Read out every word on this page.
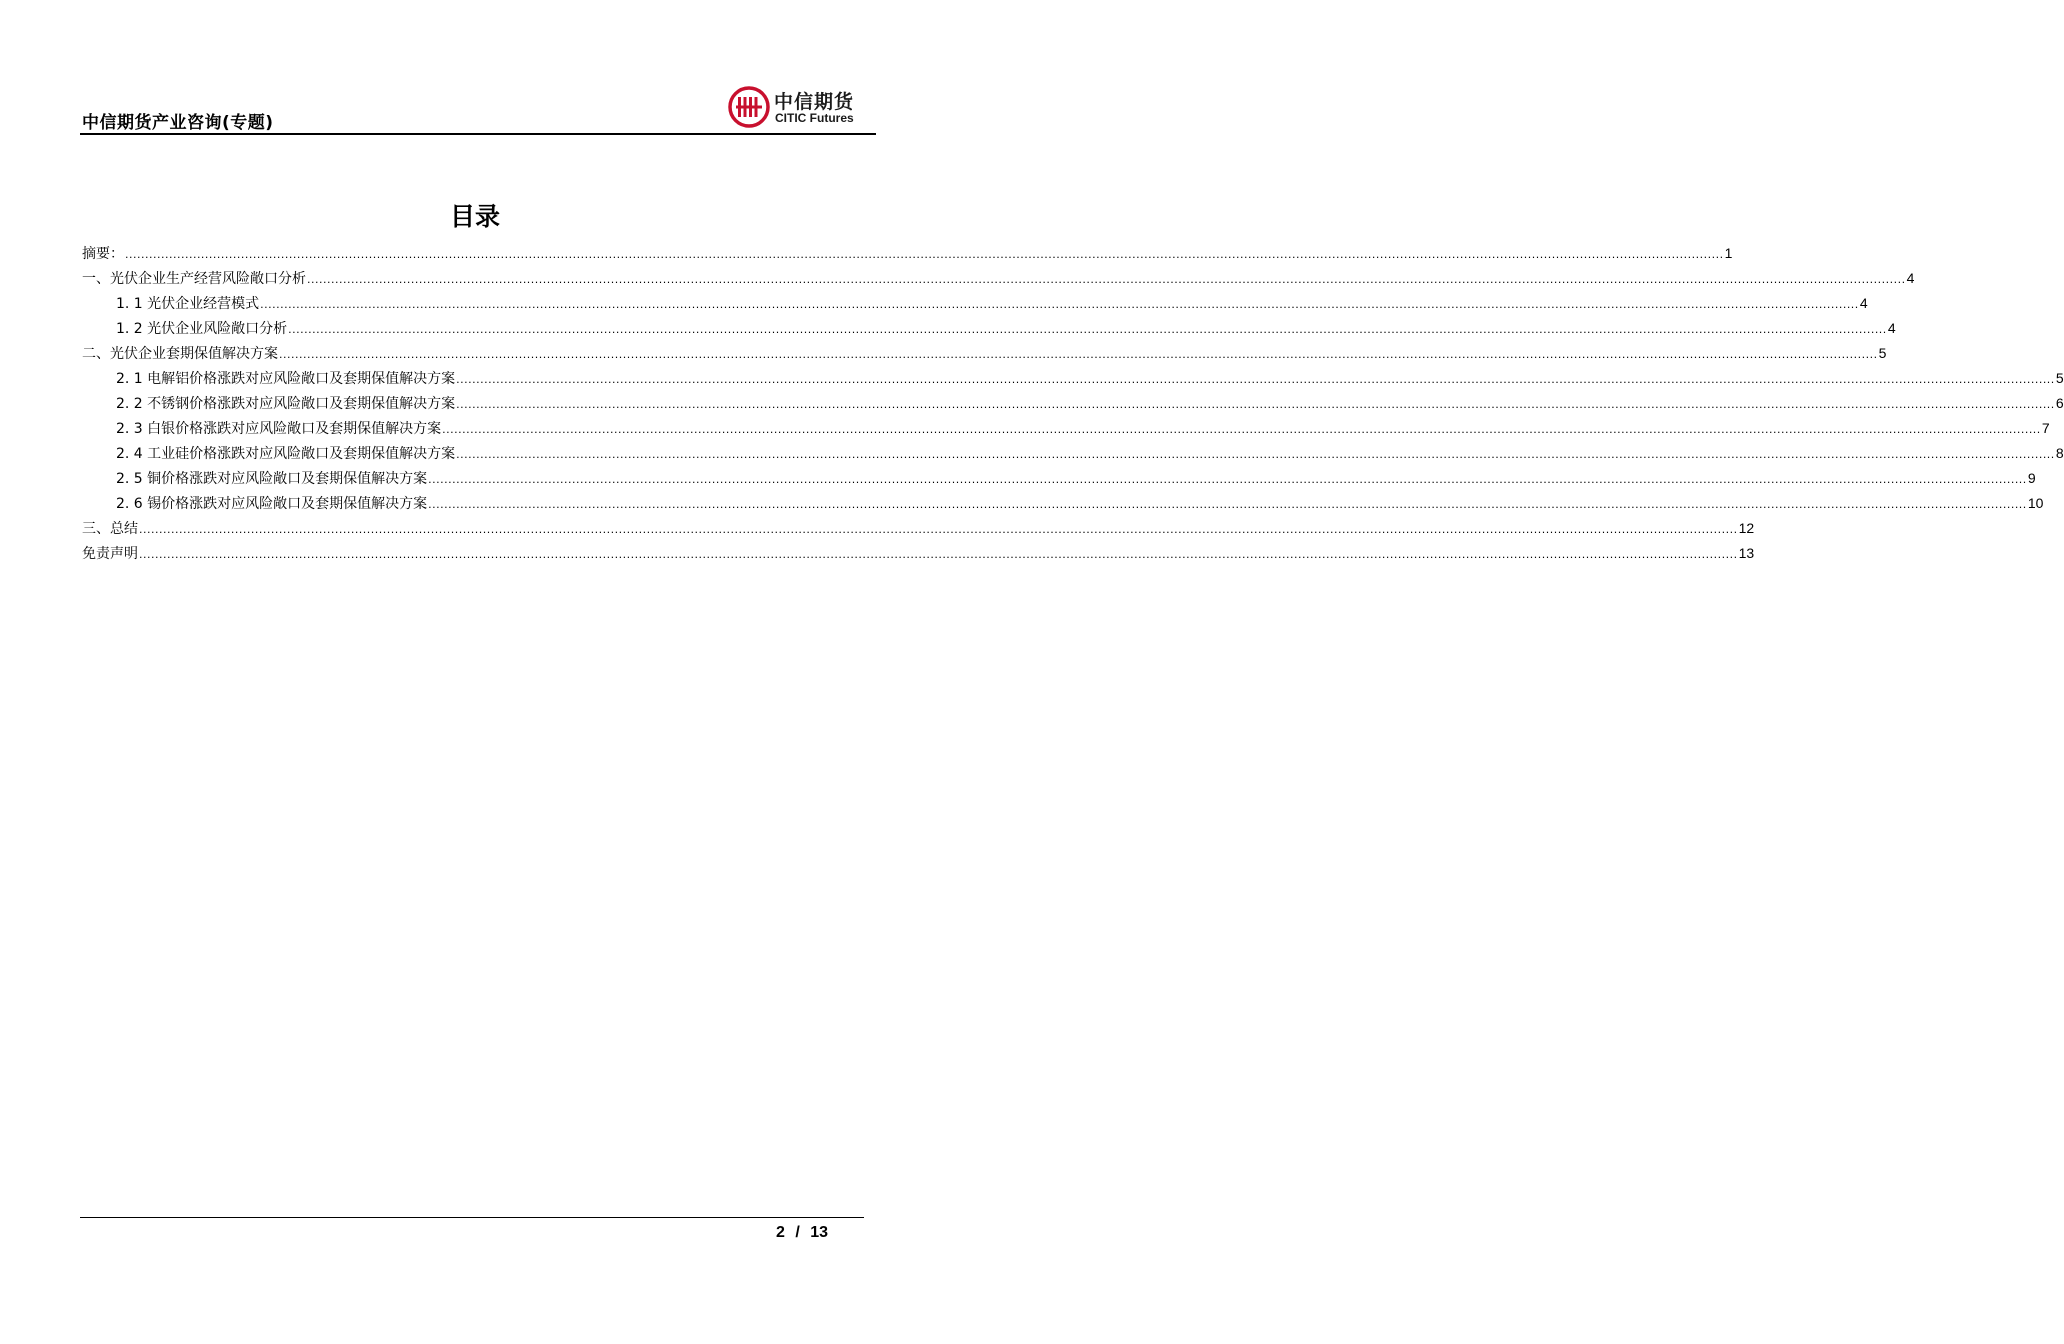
中信期货产业咨询(专题)
中信期货
CITIC Futures
目录
摘要： ................................................................................................................................................................................................................................................................................................................................................................................................................ 1
一、光伏企业生产经营风险敞口分析 ................................................................................................................................................................................................................................................................................................................................................................................................................ 4
1. 1 光伏企业经营模式 ................................................................................................................................................................................................................................................................................................................................................................................................................ 4
1. 2 光伏企业风险敞口分析 ................................................................................................................................................................................................................................................................................................................................................................................................................ 4
二、光伏企业套期保值解决方案 ................................................................................................................................................................................................................................................................................................................................................................................................................ 5
2. 1 电解铝价格涨跌对应风险敞口及套期保值解决方案 ................................................................................................................................................................................................................................................................................................................................................................................................................ 5
2. 2 不锈钢价格涨跌对应风险敞口及套期保值解决方案 ................................................................................................................................................................................................................................................................................................................................................................................................................ 6
2. 3 白银价格涨跌对应风险敞口及套期保值解决方案 ................................................................................................................................................................................................................................................................................................................................................................................................................ 7
2. 4 工业硅价格涨跌对应风险敞口及套期保值解决方案 ................................................................................................................................................................................................................................................................................................................................................................................................................ 8
2. 5 铜价格涨跌对应风险敞口及套期保值解决方案 ................................................................................................................................................................................................................................................................................................................................................................................................................ 9
2. 6 锡价格涨跌对应风险敞口及套期保值解决方案 ................................................................................................................................................................................................................................................................................................................................................................................................................ 10
三、总结 ................................................................................................................................................................................................................................................................................................................................................................................................................ 12
免责声明 ................................................................................................................................................................................................................................................................................................................................................................................................................ 13
2 / 13
